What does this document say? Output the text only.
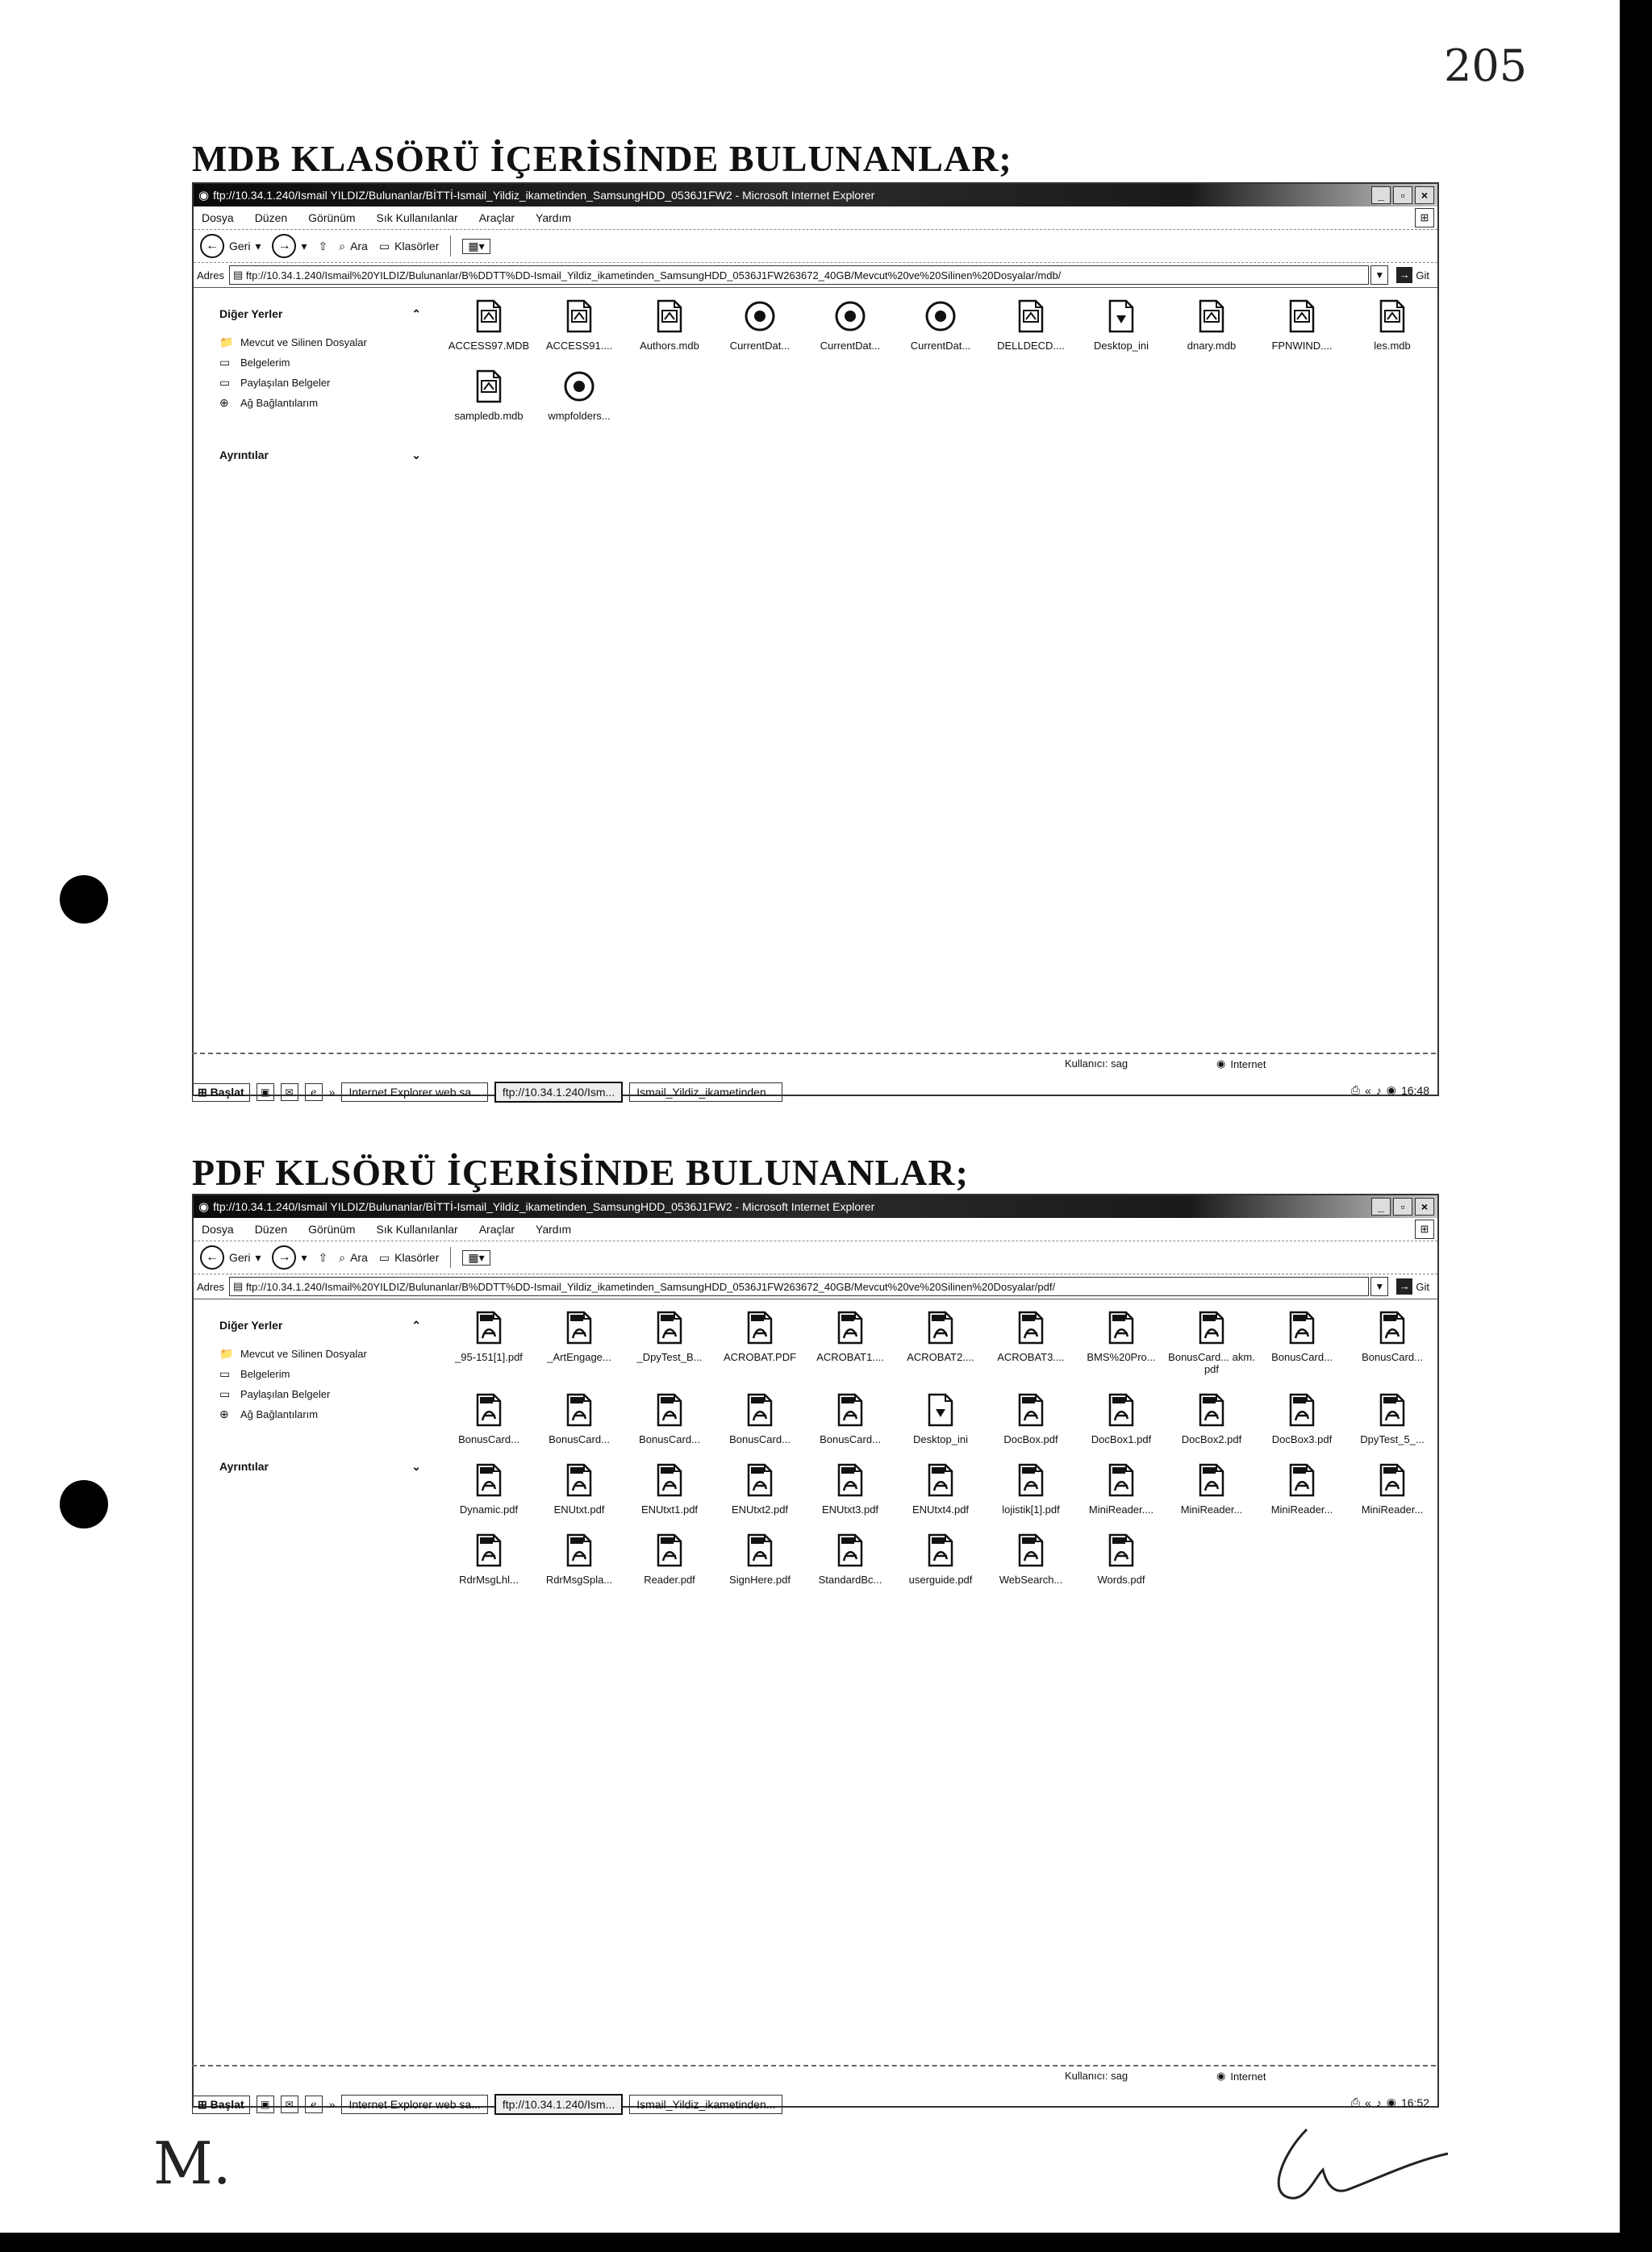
205
MDB KLASÖRÜ İÇERİSİNDE BULUNANLAR;
◉ ftp://10.34.1.240/Ismail YILDIZ/Bulunanlar/BİTTİ-Ismail_Yildiz_ikametinden_SamsungHDD_0536J1FW2 - Microsoft Internet Explorer	_	▫	×
Dosya Düzen Görünüm Sık Kullanılanlar Araçlar Yardım	⊞
← Geri ▾	→ ▾ ⇧ ⌕ Ara ▭ Klasörler	▦▾
Adres ▤ ftp://10.34.1.240/Ismail%20YILDIZ/Bulunanlar/B%DDTT%DD-Ismail_Yildiz_ikametinden_SamsungHDD_0536J1FW263672_40GB/Mevcut%20ve%20Silinen%20Dosyalar/mdb/	▼	→ Git
Diğer Yerler	⌃
📁 Mevcut ve Silinen Dosyalar
▭ Belgelerim
▭ Paylaşılan Belgeler
⊕	Ağ Bağlantılarım
Ayrıntılar	⌄
ACCESS97.MDB ACCESS91....	Authors.mdb	CurrentDat...	CurrentDat...	CurrentDat...	DELLDECD....	Desktop_ini	dnary.mdb	FPNWIND....	les.mdb
sampledb.mdb wmpfolders...
Kullanıcı: sag	◉ Internet
⊞ Başlat	▣	✉	ℯ	»	Internet Explorer web sa...	ftp://10.34.1.240/Ism...	Ismail_Yildiz_ikametinden...	⎙ « ♪ ◉ 16:48
PDF KLSÖRÜ İÇERİSİNDE BULUNANLAR;
◉ ftp://10.34.1.240/Ismail YILDIZ/Bulunanlar/BİTTİ-Ismail_Yildiz_ikametinden_SamsungHDD_0536J1FW2 - Microsoft Internet Explorer	_	▫	×
Dosya Düzen Görünüm Sık Kullanılanlar Araçlar Yardım	⊞
← Geri ▾	→ ▾ ⇧ ⌕ Ara ▭ Klasörler	▦▾
Adres ▤ ftp://10.34.1.240/Ismail%20YILDIZ/Bulunanlar/B%DDTT%DD-Ismail_Yildiz_ikametinden_SamsungHDD_0536J1FW263672_40GB/Mevcut%20ve%20Silinen%20Dosyalar/pdf/	▼	→ Git
Diğer Yerler	⌃
📁 Mevcut ve Silinen Dosyalar
▭ Belgelerim
▭ Paylaşılan Belgeler
⊕	Ağ Bağlantılarım
Ayrıntılar	⌄
_95-151[1].pdf _ArtEngage... _DpyTest_B... ACROBAT.PDF ACROBAT1.... ACROBAT2.... ACROBAT3.... BMS%20Pro... BonusCard... akm.pdf
BonusCard...	BonusCard...
BonusCard...	BonusCard...	BonusCard...	BonusCard...	BonusCard...	Desktop_ini	DocBox.pdf	DocBox1.pdf	DocBox2.pdf	DocBox3.pdf	DpyTest_5_...
Dynamic.pdf	ENUtxt.pdf	ENUtxt1.pdf	ENUtxt2.pdf	ENUtxt3.pdf	ENUtxt4.pdf	lojistik[1].pdf	MiniReader....	MiniReader...	MiniReader...	MiniReader...
RdrMsgLhl...	RdrMsgSpla...	Reader.pdf	SignHere.pdf	StandardBc...	userguide.pdf	WebSearch...	Words.pdf
Kullanıcı: sag	◉ Internet
⊞ Başlat	▣	✉	ℯ	»	Internet Explorer web sa...	ftp://10.34.1.240/Ism...	Ismail_Yildiz_ikametinden...	⎙ « ♪ ◉ 16:52
M.
